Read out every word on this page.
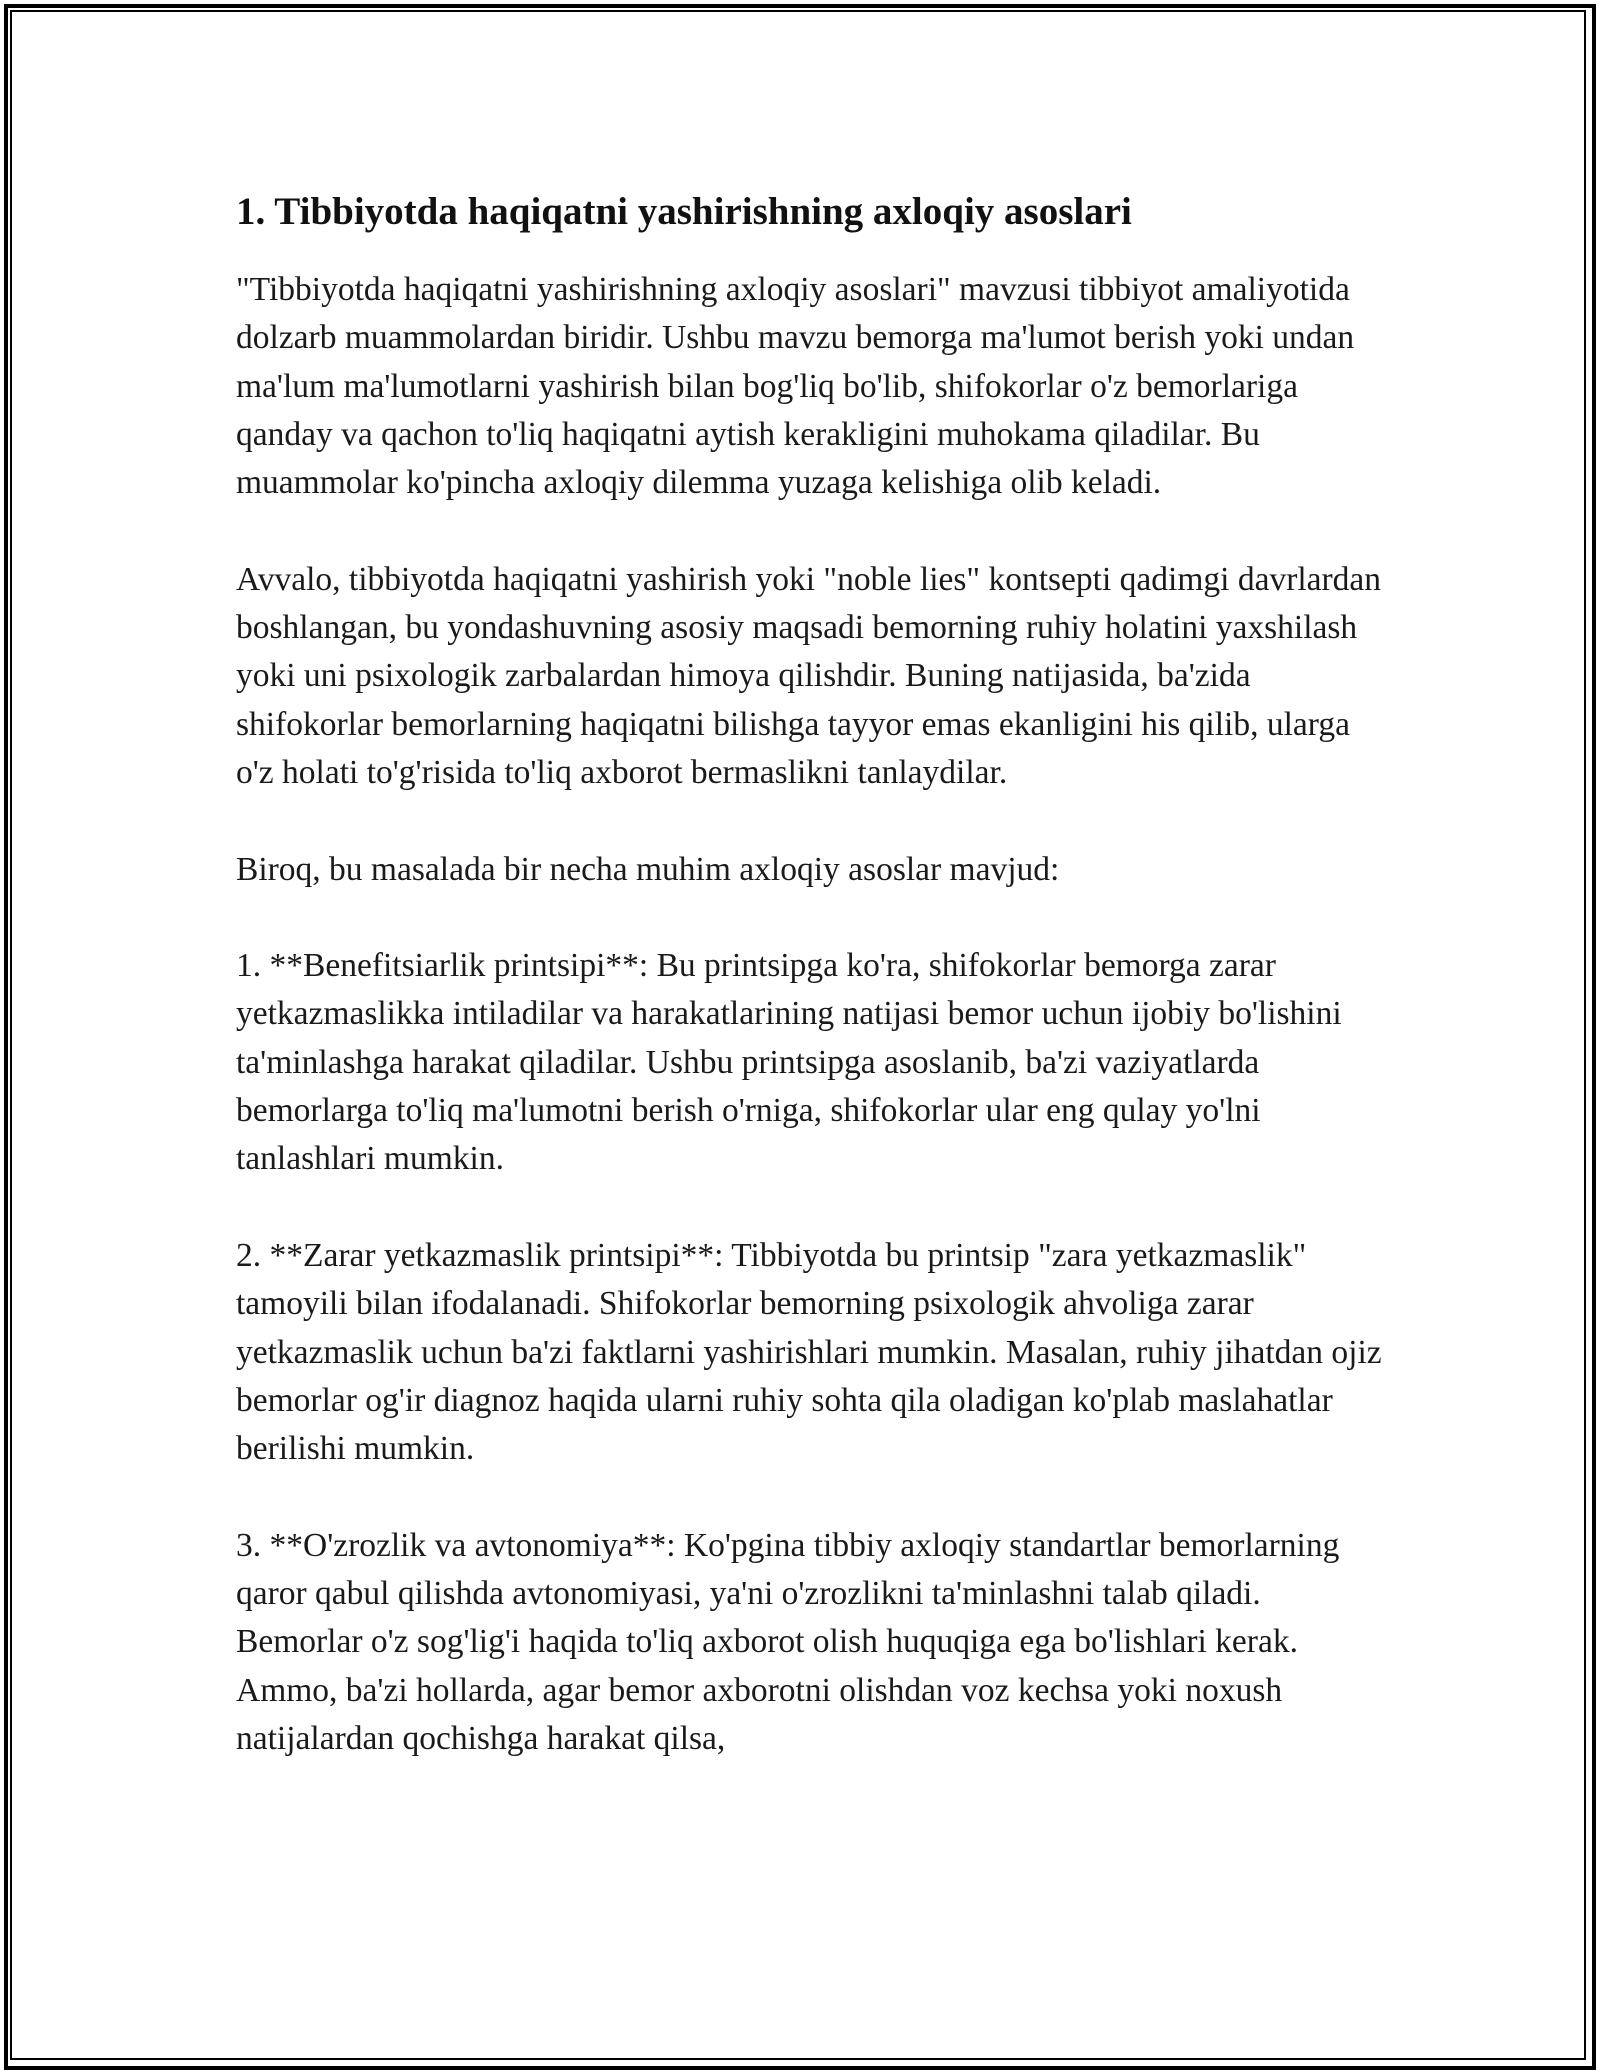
1. Tibbiyotda haqiqatni yashirishning axloqiy asoslari

"Tibbiyotda haqiqatni yashirishning axloqiy asoslari" mavzusi tibbiyot amaliyotida dolzarb muammolardan biridir. Ushbu mavzu bemorga ma'lumot berish yoki undan ma'lum ma'lumotlarni yashirish bilan bog'liq bo'lib, shifokorlar o'z bemorlariga qanday va qachon to'liq haqiqatni aytish kerakligini muhokama qiladilar. Bu muammolar ko'pincha axloqiy dilemma yuzaga kelishiga olib keladi.

Avvalo, tibbiyotda haqiqatni yashirish yoki "noble lies" kontsepti qadimgi davrlardan boshlangan, bu yondashuvning asosiy maqsadi bemorning ruhiy holatini yaxshilash yoki uni psixologik zarbalardan himoya qilishdir. Buning natijasida, ba'zida shifokorlar bemorlarning haqiqatni bilishga tayyor emas ekanligini his qilib, ularga o'z holati to'g'risida to'liq axborot bermaslikni tanlaydilar.

Biroq, bu masalada bir necha muhim axloqiy asoslar mavjud:

1. **Benefitsiarlik printsipi**: Bu printsipga ko'ra, shifokorlar bemorga zarar yetkazmaslikka intiladilar va harakatlarining natijasi bemor uchun ijobiy bo'lishini ta'minlashga harakat qiladilar. Ushbu printsipga asoslanib, ba'zi vaziyatlarda bemorlarga to'liq ma'lumotni berish o'rniga, shifokorlar ular eng qulay yo'lni tanlashlari mumkin.

2. **Zarar yetkazmaslik printsipi**: Tibbiyotda bu printsip "zara yetkazmaslik" tamoyili bilan ifodalanadi. Shifokorlar bemorning psixologik ahvoliga zarar yetkazmaslik uchun ba'zi faktlarni yashirishlari mumkin. Masalan, ruhiy jihatdan ojiz bemorlar og'ir diagnoz haqida ularni ruhiy sohta qila oladigan ko'plab maslahatlar berilishi mumkin.

3. **O'zrozlik va avtonomiya**: Ko'pgina tibbiy axloqiy standartlar bemorlarning qaror qabul qilishda avtonomiyasi, ya'ni o'zrozlikni ta'minlashni talab qiladi. Bemorlar o'z sog'lig'i haqida to'liq axborot olish huquqiga ega bo'lishlari kerak. Ammo, ba'zi hollarda, agar bemor axborotni olishdan voz kechsa yoki noxush natijalardan qochishga harakat qilsa,
